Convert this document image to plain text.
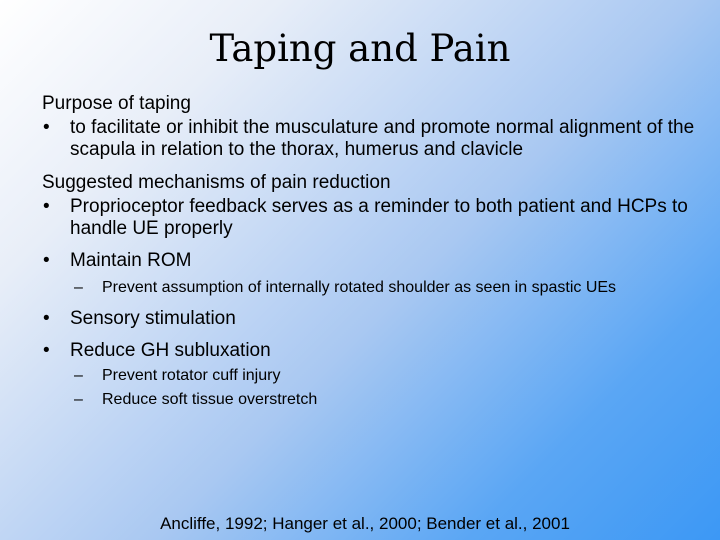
Taping and Pain
Purpose of taping
• to facilitate or inhibit the musculature and promote normal alignment of the scapula in relation to the thorax, humerus and clavicle
Suggested mechanisms of pain reduction
• Proprioceptor feedback serves as a reminder to both patient and HCPs to handle UE properly
• Maintain ROM
– Prevent assumption of internally rotated shoulder as seen in spastic UEs
• Sensory stimulation
• Reduce GH subluxation
– Prevent rotator cuff injury
– Reduce soft tissue overstretch
Ancliffe, 1992; Hanger et al., 2000; Bender et al., 2001
